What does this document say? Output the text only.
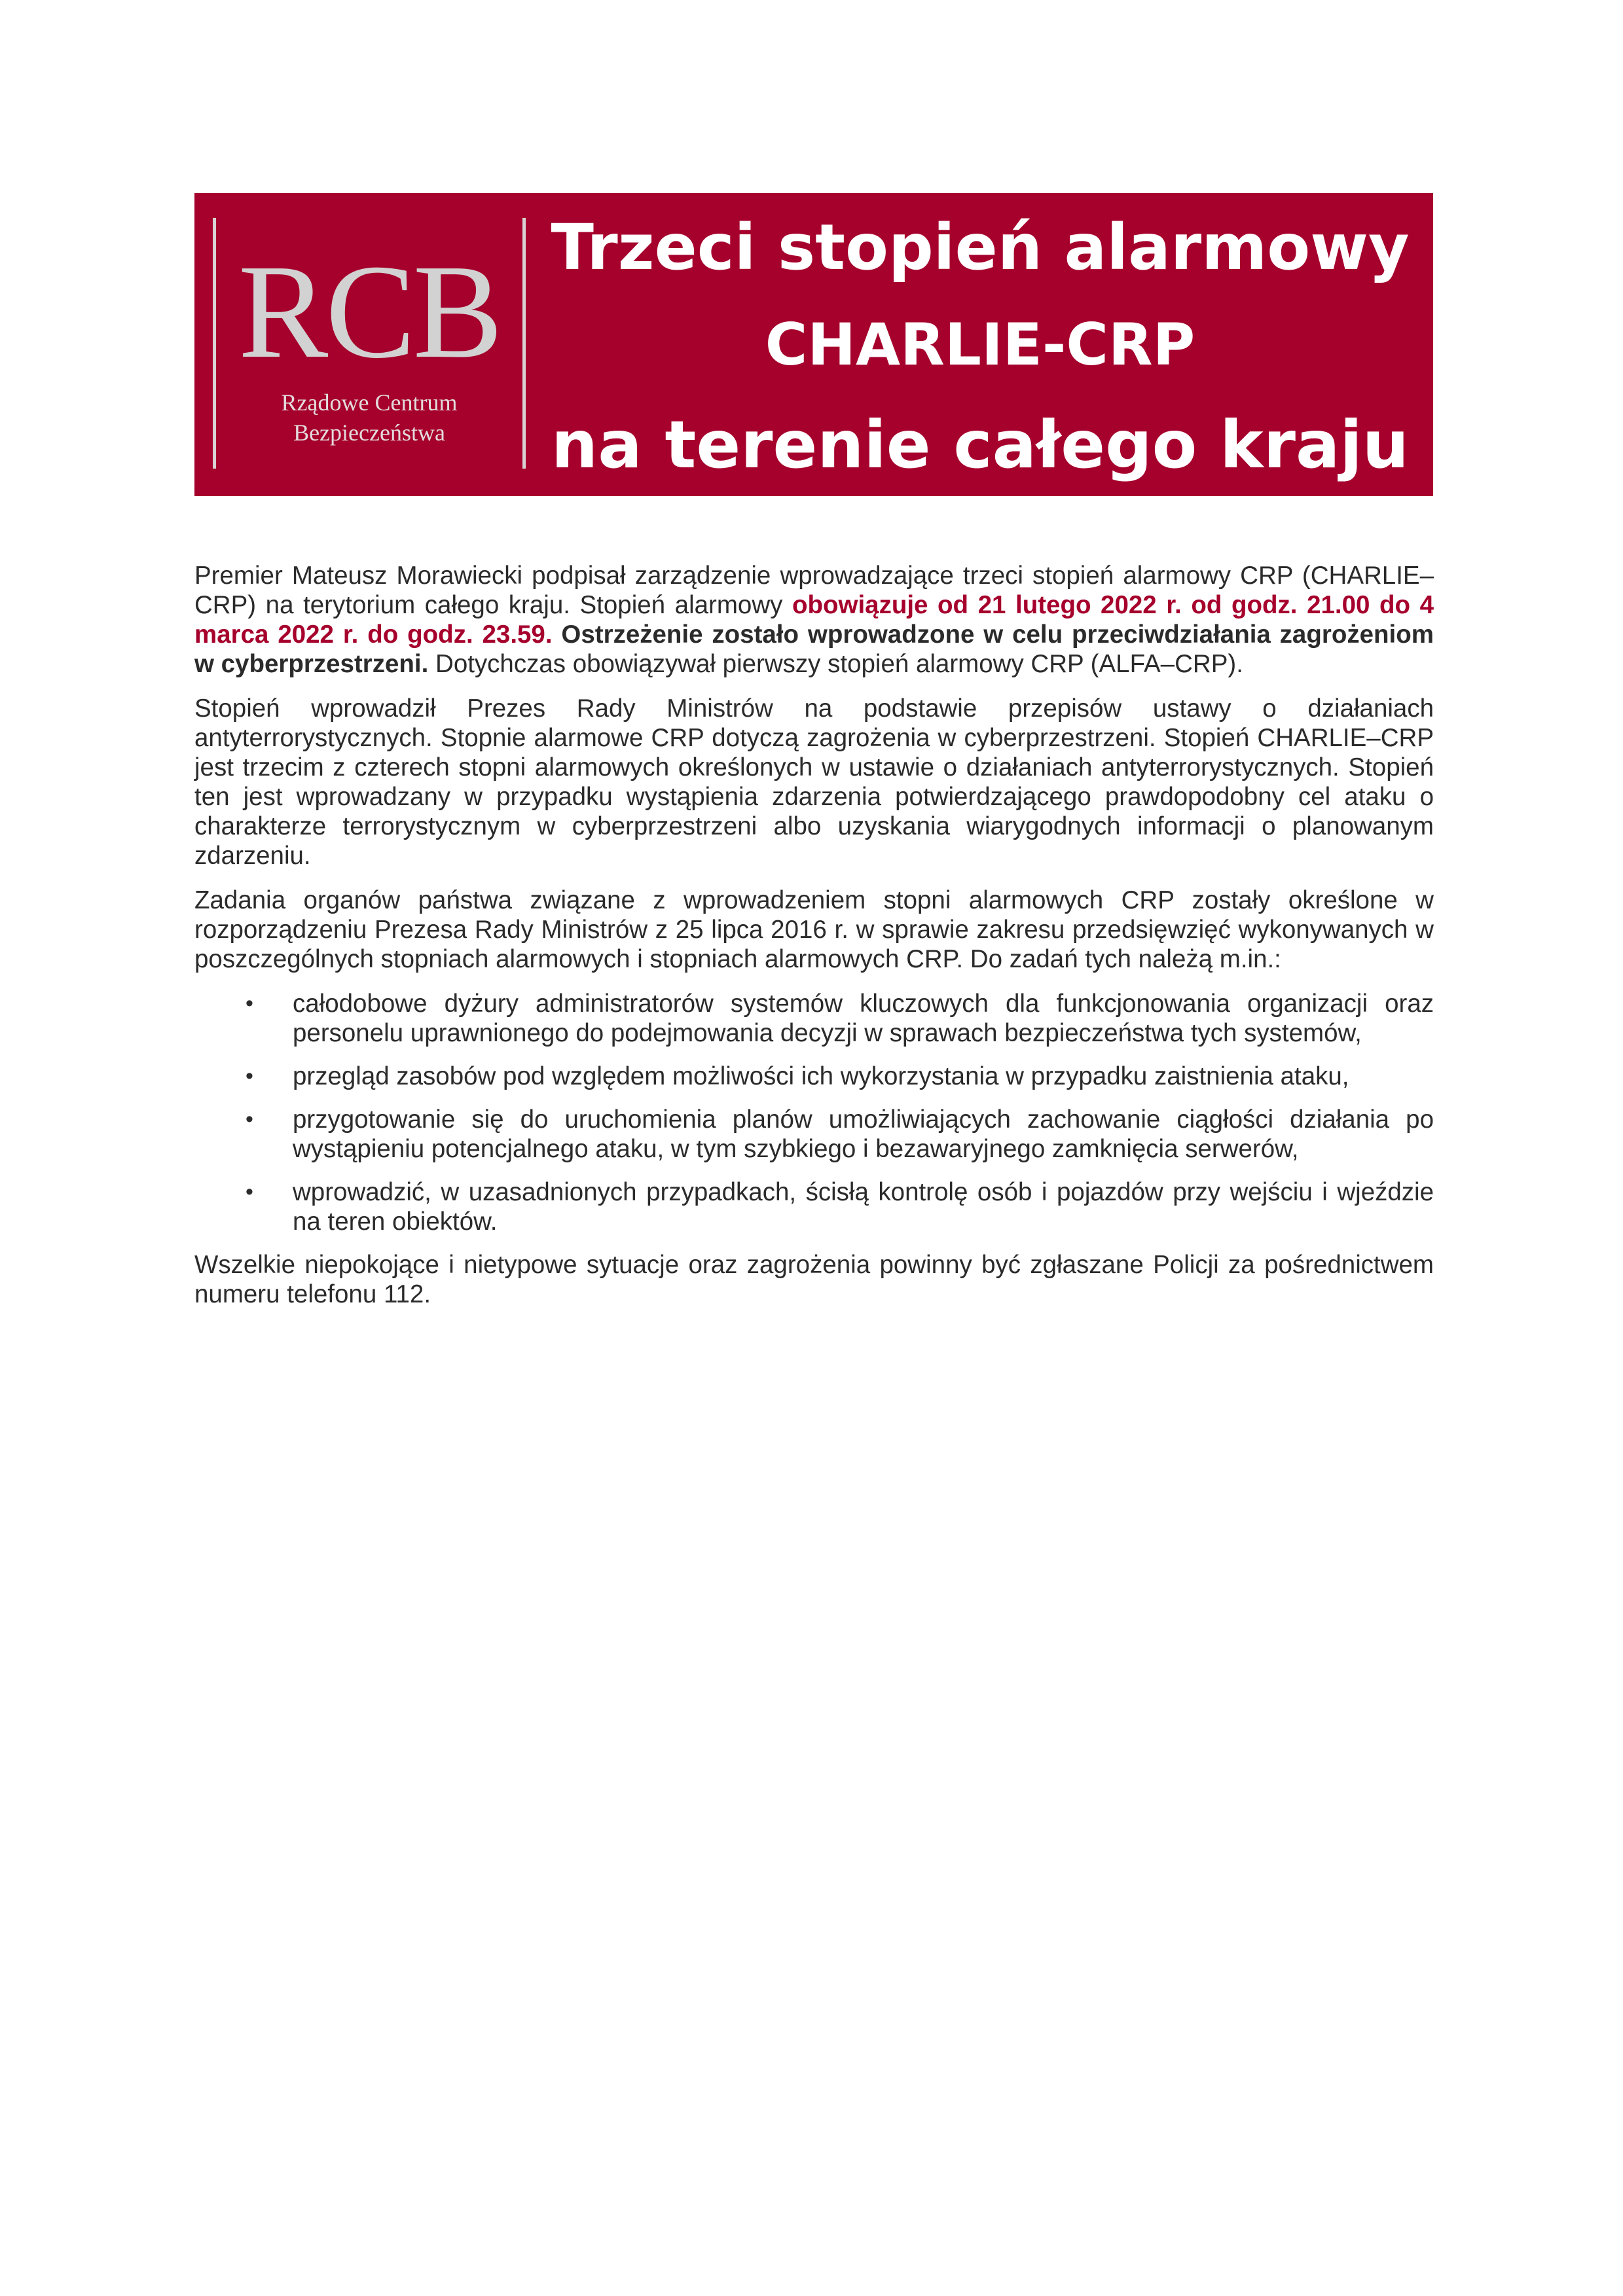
RCB
Rządowe Centrum
Bezpieczeństwa
Trzeci stopień alarmowy
CHARLIE-CRP
na terenie całego kraju

Premier Mateusz Morawiecki podpisał zarządzenie wprowadzające trzeci stopień alarmowy CRP (CHARLIE–CRP) na terytorium całego kraju. Stopień alarmowy obowiązuje od 21 lutego 2022 r. od godz. 21.00 do 4 marca 2022 r. do godz. 23.59. Ostrzeżenie zostało wprowadzone w celu przeciwdziałania zagrożeniom w cyberprzestrzeni. Dotychczas obowiązywał pierwszy stopień alarmowy CRP (ALFA–CRP).

Stopień wprowadził Prezes Rady Ministrów na podstawie przepisów ustawy o działaniach antyterrorystycznych. Stopnie alarmowe CRP dotyczą zagrożenia w cyberprzestrzeni. Stopień CHARLIE–CRP jest trzecim z czterech stopni alarmowych określonych w ustawie o działaniach antyterrorystycznych. Stopień ten jest wprowadzany w przypadku wystąpienia zdarzenia potwierdzającego prawdopodobny cel ataku o charakterze terrorystycznym w cyberprzestrzeni albo uzyskania wiarygodnych informacji o planowanym zdarzeniu.

Zadania organów państwa związane z wprowadzeniem stopni alarmowych CRP zostały określone w rozporządzeniu Prezesa Rady Ministrów z 25 lipca 2016 r. w sprawie zakresu przedsięwzięć wykonywanych w poszczególnych stopniach alarmowych i stopniach alarmowych CRP. Do zadań tych należą m.in.:

• całodobowe dyżury administratorów systemów kluczowych dla funkcjonowania organizacji oraz personelu uprawnionego do podejmowania decyzji w sprawach bezpieczeństwa tych systemów,
• przegląd zasobów pod względem możliwości ich wykorzystania w przypadku zaistnienia ataku,
• przygotowanie się do uruchomienia planów umożliwiających zachowanie ciągłości działania po wystąpieniu potencjalnego ataku, w tym szybkiego i bezawaryjnego zamknięcia serwerów,
• wprowadzić, w uzasadnionych przypadkach, ścisłą kontrolę osób i pojazdów przy wejściu i wjeździe na teren obiektów.

Wszelkie niepokojące i nietypowe sytuacje oraz zagrożenia powinny być zgłaszane Policji za pośrednictwem numeru telefonu 112.
